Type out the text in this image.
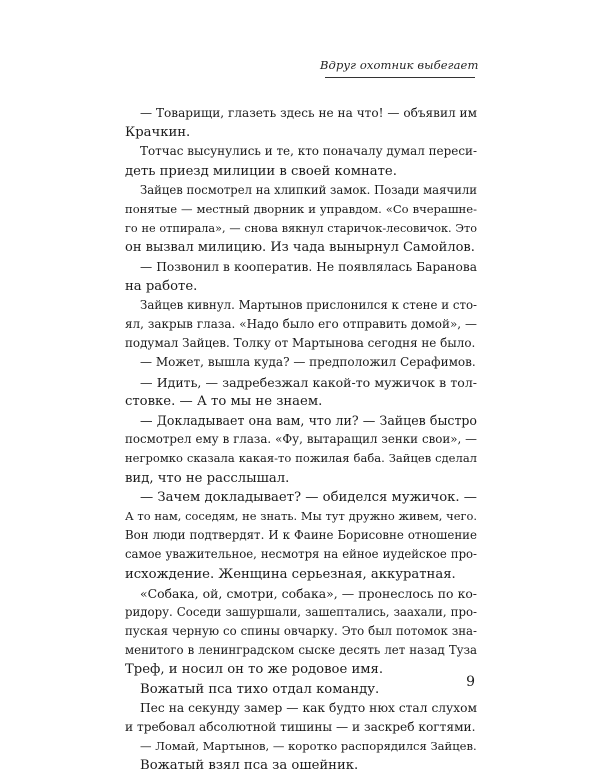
Вдруг охотник выбегает
— Товарищи, глазеть здесь не на что! — объявил им
Крачкин.
Тотчас высунулись и те, кто поначалу думал переси-
деть приезд милиции в своей комнате.
Зайцев посмотрел на хлипкий замок. Позади маячили
понятые — местный дворник и управдом. «Со вчерашне-
го не отпирала», — снова вякнул старичок-лесовичок. Это
он вызвал милицию. Из чада вынырнул Самойлов.
— Позвонил в кооператив. Не появлялась Баранова
на работе.
Зайцев кивнул. Мартынов прислонился к стене и сто-
ял, закрыв глаза. «Надо было его отправить домой», —
подумал Зайцев. Толку от Мартынова сегодня не было.
— Может, вышла куда? — предположил Серафимов.
— Идить, — задребезжал какой-то мужичок в тол-
стовке. — А то мы не знаем.
— Докладывает она вам, что ли? — Зайцев быстро
посмотрел ему в глаза. «Фу, вытаращил зенки свои», —
негромко сказала какая-то пожилая баба. Зайцев сделал
вид, что не расслышал.
— Зачем докладывает? — обиделся мужичок. —
А то нам, соседям, не знать. Мы тут дружно живем, чего.
Вон люди подтвердят. И к Фаине Борисовне отношение
самое уважительное, несмотря на ейное иудейское про-
исхождение. Женщина серьезная, аккуратная.
«Собака, ой, смотри, собака», — пронеслось по ко-
ридору. Соседи зашуршали, зашептались, заахали, про-
пуская черную со спины овчарку. Это был потомок зна-
менитого в ленинградском сыске десять лет назад Туза
Треф, и носил он то же родовое имя.
Вожатый пса тихо отдал команду.
Пес на секунду замер — как будто нюх стал слухом
и требовал абсолютной тишины — и заскреб когтями.
— Ломай, Мартынов, — коротко распорядился Зайцев.
Вожатый взял пса за ошейник.
9
